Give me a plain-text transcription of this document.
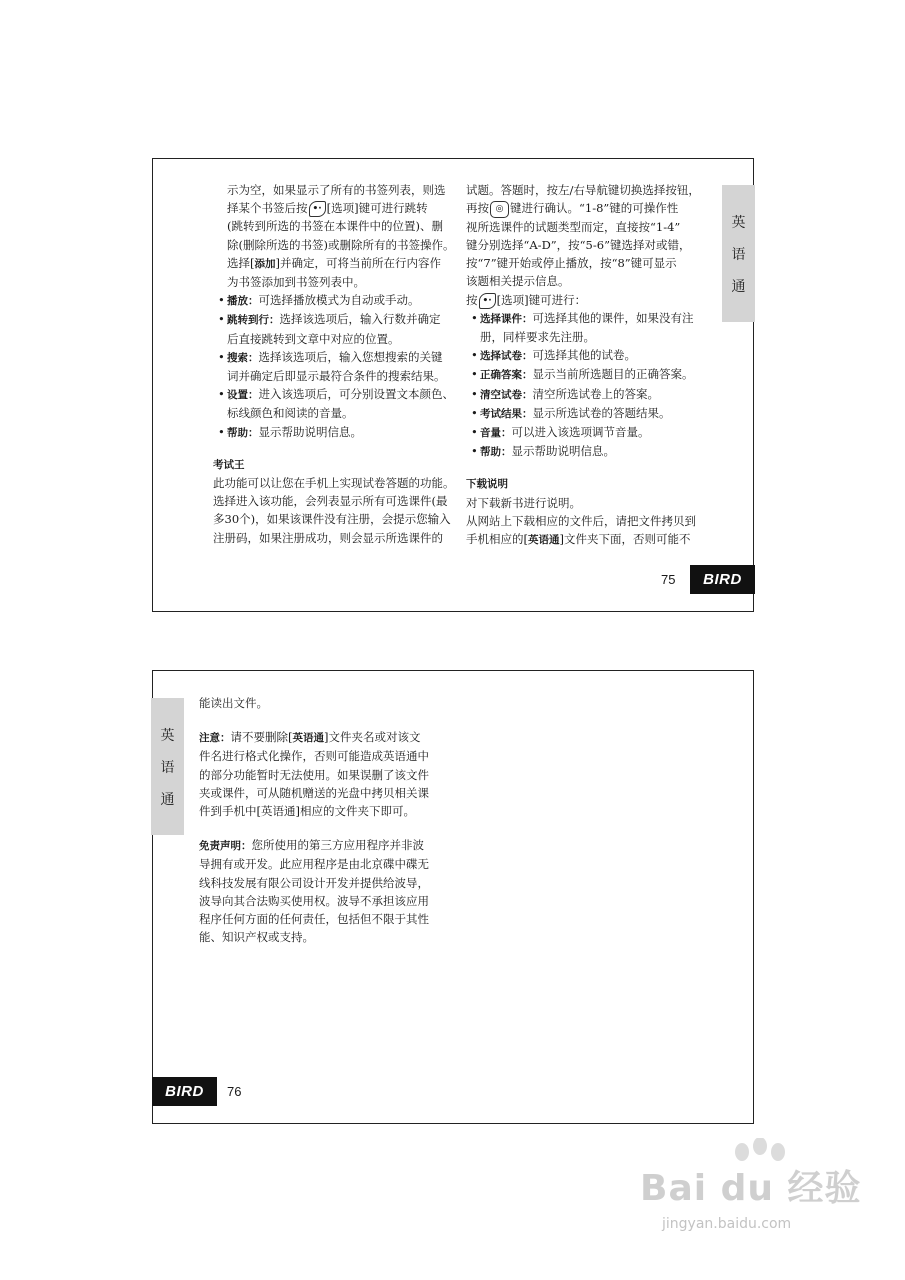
示为空，如果显示了所有的书签列表，则选

择某个书签后按 •· [选项]键可进行跳转

(跳转到所选的书签在本课件中的位置)、删

除(删除所选的书签)或删除所有的书签操作。

选择[添加]并确定，可将当前所在行内容作

为书签添加到书签列表中。

• 播放：可选择播放模式为自动或手动。

• 跳转到行：选择该选项后，输入行数并确定
后直接跳转到文章中对应的位置。

• 搜索：选择该选项后，输入您想搜索的关键
词并确定后即显示最符合条件的搜索结果。

• 设置：进入该选项后，可分别设置文本颜色、
标线颜色和阅读的音量。

• 帮助：显示帮助说明信息。

考试王

此功能可以让您在手机上实现试卷答题的功能。

选择进入该功能，会列表显示所有可选课件(最

多30个)，如果该课件没有注册，会提示您输入

注册码，如果注册成功，则会显示所选课件的

试题。答题时，按左/右导航键切换选择按钮，

再按 ◎ 键进行确认。“1-8”键的可操作性

视所选课件的试题类型而定，直接按“1-4”

键分别选择“A-D”，按“5-6”键选择对或错，

按“7”键开始或停止播放，按“8”键可显示

该题相关提示信息。

按 •· [选项]键可进行：

• 选择课件：可选择其他的课件，如果没有注
册，同样要求先注册。

• 选择试卷：可选择其他的试卷。

• 正确答案：显示当前所选题目的正确答案。

• 清空试卷：清空所选试卷上的答案。

• 考试结果：显示所选试卷的答题结果。

• 音量：可以进入该选项调节音量。

• 帮助：显示帮助说明信息。

下载说明

对下载新书进行说明。

从网站上下载相应的文件后，请把文件拷贝到

手机相应的[英语通]文件夹下面，否则可能不

英
语
通
75	BIRD
英
语
通

能读出文件。

注意：请不要删除[英语通]文件夹名或对该文

件名进行格式化操作，否则可能造成英语通中

的部分功能暂时无法使用。如果误删了该文件

夹或课件，可从随机赠送的光盘中拷贝相关课

件到手机中[英语通]相应的文件夹下即可。

免责声明：您所使用的第三方应用程序并非波

导拥有或开发。此应用程序是由北京碟中碟无

线科技发展有限公司设计开发并提供给波导，

波导向其合法购买使用权。波导不承担该应用

程序任何方面的任何责任，包括但不限于其性

能、知识产权或支持。

BIRD	76
Bai du 经验
jingyan.baidu.com
